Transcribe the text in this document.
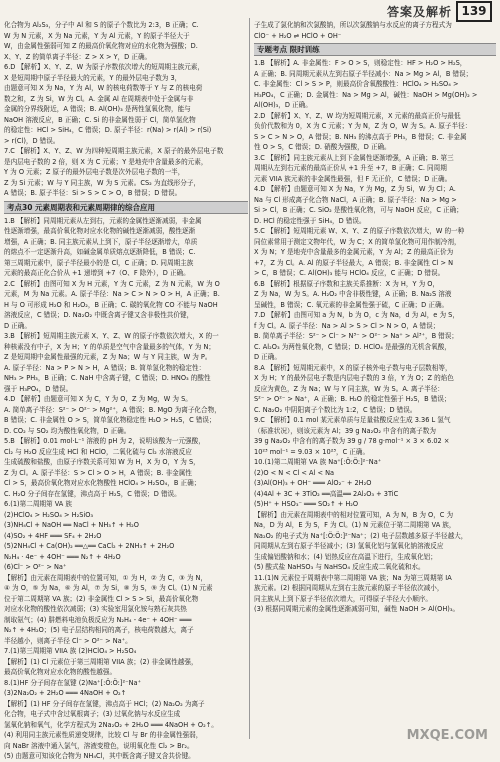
答案及解析 139
化合物为 Al₂S₃，分子中 Al 和 S 的原子个数比为 2:3，B 正确；C.
W 为 N 元素，X 为 Na 元素，Y 为 Al 元素，Y 的原子半径大于
W，由金属性强弱可知 Z 的最高价氧化物对应的水化物为强酸；D.
X、Y、Z 的简单离子半径：Z > X > Y，D 正确。
6.D 【解析】X、Y、Z、W 为原子序数依次增大的短周期主族元素，
X 是短周期中原子半径最大的元素，Y 的最外层电子数为 3，
由题意可知 X 为 Na，Y 为 Al，W 的核电荷数等于 Y 与 Z 的核电荷
数之和，Z 为 Si，W 为 Cl。A. 金属 Al 在周期表中处于金属与非
金属的分界线附近，A 错误；B. Al(OH)₃ 是两性氢氧化物，能与
NaOH 溶液反应，B 正确；C. Si 的非金属性弱于 Cl，简单氢化物
的稳定性：HCl > SiH₄，C 错误；D. 原子半径：r(Na) > r(Al) > r(Si)
> r(Cl)，D 错误。
7.C 【解析】X、Y、Z、W 为四种短周期主族元素，X 原子的最外层电子数
是内层电子数的 2 倍，则 X 为 C 元素；Y 是地壳中含量最多的元素，
Y 为 O 元素；Z 原子的最外层电子数是次外层电子数的一半，
Z 为 Si 元素；W 与 Y 同主族，W 为 S 元素。CS₂ 为直线形分子，
A 错误；B. 原子半径：Si > S > C > O，B 错误；D 错误。
考点30 元素周期表和元素周期律的综合应用
1.B 【解析】同周期元素从左到右，元素的金属性逐渐减弱，非金属
性逐渐增强，最高价氧化物对应水化物的碱性逐渐减弱，酸性逐渐
增强，A 正确；B. 同主族元素从上到下，原子半径逐渐增大，单质
的熔点不一定逐渐升高，如碱金属单质熔点逐渐降低，B 错误；C.
第三周期元素中，原子半径最小的是 Cl，C 正确；D. 同周期主族
元素的最高正化合价从 +1 递增到 +7（O、F 除外），D 正确。
2.C 【解析】由图可知 X 为 H 元素，Y 为 C 元素，Z 为 N 元素，W 为 O
元素，M 为 Na 元素。A. 原子半径：Na > C > N > O > H，A 正确；B.
H 与 O 可形成 H₂O 和 H₂O₂，B 正确；C. 碳的氧化物 CO 不能与 NaOH
溶液反应，C 错误；D. Na₂O₂ 中既含离子键又含非极性共价键，
D 正确。
3.B 【解析】短周期主族元素 X、Y、Z、W 的原子序数依次增大，X 的一
种核素没有中子，X 为 H；Y 的单质是空气中含量最多的气体，Y 为 N；
Z 是短周期中金属性最强的元素，Z 为 Na；W 与 Y 同主族，W 为 P。
A. 原子半径：Na > P > N > H，A 错误；B. 简单氢化物的稳定性：
NH₃ > PH₃，B 正确；C. NaH 中含离子键，C 错误；D. HNO₃ 的酸性
强于 H₃PO₄，D 错误。
4.D 【解析】由题意可知 X 为 C，Y 为 O，Z 为 Mg，W 为 S。
A. 简单离子半径：S²⁻ > O²⁻ > Mg²⁺，A 错误；B. MgO 为离子化合物，
B 错误；C. 非金属性 O > S，简单氢化物稳定性 H₂O > H₂S，C 错误；
D. CO₂ 与 SO₂ 均为酸性氧化物，D 正确。
5.B 【解析】0.01 mol·L⁻¹ 溶液的 pH 为 2，说明该酸为一元强酸，
Cl₂ 与 H₂O 反应生成 HCl 和 HClO，二氧化硫与 Cl₂ 水溶液反应
生成硫酸和盐酸，由原子序数关系可知 W 为 H，X 为 O，Y 为 S，
Z 为 Cl。A. 原子半径：S > Cl > O > H，A 错误；B. 非金属性
Cl > S，最高价氧化物对应水化物酸性 HClO₄ > H₂SO₄，B 正确；
C. H₂O 分子间存在氢键，沸点高于 H₂S，C 错误；D 错误。
6.(1)第二周期第 VA 族
(2)HClO₄ > H₂SO₄ > H₂SiO₃
(3)NH₄Cl + NaOH ══ NaCl + NH₃↑ + H₂O
(4)SO₂ + 4HF ═══ SF₄ + 2H₂O
(5)2NH₄Cl + Ca(OH)₂ ══△══ CaCl₂ + 2NH₃↑ + 2H₂O
N₂H₄ · 4e⁻ + 4OH⁻ ═══ N₂↑ + 4H₂O
(6)Cl⁻ > O²⁻ > Na⁺
【解析】由元素在周期表中的位置可知，① 为 H，② 为 C，③ 为 N，
④ 为 O，⑤ 为 Na，⑥ 为 Al，⑦ 为 Si，⑧ 为 S，⑨ 为 Cl。(1) N 元素
位于第二周期第 VA 族；(2) 非金属性 Cl > S > Si，最高价氧化物
对应水化物的酸性依次减弱；(3) 实验室用氯化铵与熟石灰共热
制取氨气；(4) 肼燃料电池负极反应为 N₂H₄ - 4e⁻ + 4OH⁻ ═══
N₂↑ + 4H₂O；(5) 电子层结构相同的离子，核电荷数越大，离子
半径越小，则离子半径 Cl⁻ > O²⁻ > Na⁺。
7.(1)第三周期第 VIIA 族 (2)HClO₄ > H₂SO₄
【解析】(1) Cl 元素位于第三周期第 VIIA 族；(2) 非金属性越强，
最高价氧化物对应水化物的酸性越强。
8.(1)HF 分子间存在氢键 (2)Na⁺[:Ö:Ö:]²⁻Na⁺
(3)2Na₂O₂ + 2H₂O ═══ 4NaOH + O₂↑
【解析】(1) HF 分子间存在氢键，沸点高于 HCl；(2) Na₂O₂ 为离子
化合物，电子式中含过氧根离子；(3) 过氧化钠与水反应生成
氢氧化钠和氧气，化学方程式为 2Na₂O₂ + 2H₂O ═══ 4NaOH + O₂↑。
(4) 利用同主族元素性质递变规律，比较 Cl 与 Br 的非金属性强弱，
向 NaBr 溶液中通入氯气，溶液变橙色，说明氧化性 Cl₂ > Br₂。
(5) 由题意可知该化合物为 NH₄Cl，其中既含离子键又含共价键。
子生成了氯化钠和次氯酸钠，所以次氯酸钠与水反应的离子方程式为
ClO⁻ + H₂O ⇌ HClO + OH⁻
专题考点 限时训练
1.B 【解析】A. 非金属性：F > O > S，则稳定性：HF > H₂O > H₂S，
A 正确；B. 同周期元素从左到右原子半径减小：Na > Mg > Al，B 错误；
C. 非金属性：Cl > S > P，则最高价含氧酸酸性：HClO₄ > H₂SO₄ >
H₃PO₄，C 正确；D. 金属性：Na > Mg > Al，碱性：NaOH > Mg(OH)₂ >
Al(OH)₃，D 正确。
2.D 【解析】X、Y、Z、W 均为短周期元素，X 元素的最高正价与最低
负价代数和为 0，X 为 C 元素；Y 为 N，Z 为 O，W 为 S。A. 原子半径：
S > C > N > O，A 错误；B. NH₃ 的沸点高于 PH₃，B 错误；C. 非金属
性 O > S，C 错误；D. 硝酸为强酸，D 正确。
3.C 【解析】同主族元素从上到下金属性逐渐增强，A 正确；B. 第三
周期从左到右元素的最高正价从 +1 升至 +7，B 正确；C. 同周期
元素 VIIA 族元素的非金属性最强，但 F 无正价，C 错误；D 正确。
4.D 【解析】由题意可知 X 为 Na，Y 为 Mg，Z 为 Si，W 为 Cl；A.
Na 与 Cl 形成离子化合物 NaCl，A 正确；B. 原子半径：Na > Mg >
Si > Cl，B 正确；C. SiO₂ 是酸性氧化物，可与 NaOH 反应，C 正确；
D. HCl 的稳定性强于 SiH₄，D 错误。
5.C 【解析】短周期元素 W、X、Y、Z 的原子序数依次增大，W 的一种
同位素常用于测定文物年代，W 为 C；X 的简单氢化物可用作制冷剂，
X 为 N；Y 是地壳中含量最多的金属元素，Y 为 Al；Z 的最高正价为
+7，Z 为 Cl。A. Al 的原子半径最大，A 错误；B. 非金属性 Cl > N
> C，B 错误；C. Al(OH)₃ 能与 HClO₄ 反应，C 正确；D 错误。
6.B 【解析】根据原子序数和主族关系推断：X 为 H，Y 为 O，
Z 为 Na，W 为 S。A. H₂O₂ 中含非极性键，A 正确；B. Na₂S 溶液
呈碱性，B 错误；C. 氧元素的非金属性强于硫，C 正确；D 正确。
7.D 【解析】由图可知 a 为 N，b 为 O，c 为 Na，d 为 Al，e 为 S，
f 为 Cl。A. 原子半径：Na > Al > S > Cl > N > O，A 错误；
B. 简单离子半径：S²⁻ > Cl⁻ > N³⁻ > O²⁻ > Na⁺ > Al³⁺，B 错误；
C. Al₂O₃ 为两性氧化物，C 错误；D. HClO₄ 是最强的无机含氧酸，
D 正确。
8.A 【解析】短周期元素中，X 的原子核外电子数与电子层数相等，
X 为 H；Y 的最外层电子数是内层电子数的 3 倍，Y 为 O；Z 的焰色
反应为黄色，Z 为 Na；W 与 Y 同主族，W 为 S。A. 离子半径：
S²⁻ > O²⁻ > Na⁺，A 正确；B. H₂O 的稳定性强于 H₂S，B 错误；
C. Na₂O₂ 中阴阳离子个数比为 1:2，C 错误；D 错误。
9.C 【解析】0.1 mol 某元素单质与足量盐酸反应生成 3.36 L 氢气
（标准状况），则该元素为 Al；39 g Na₂O₂ 中含有的离子数为
39 g Na₂O₂ 中含有的离子数为 39 g / 78 g·mol⁻¹ × 3 × 6.02 ×
10²³ mol⁻¹ = 9.03 × 10²³，C 正确。
10.(1)第二周期第 VA 族 Na⁺[:Ö:Ö:]²⁻Na⁺
(2)O < N < Cl < Al < Na
(3)Al(OH)₃ + OH⁻ ═══ AlO₂⁻ + 2H₂O
(4)4Al + 3C + 3TiO₂ ══高温══ 2Al₂O₃ + 3TiC
(5)H⁺ + HSO₃⁻ ═══ SO₂↑ + H₂O
【解析】由元素在周期表中的相对位置可知，A 为 N，B 为 O，C 为
Na，D 为 Al，E 为 S，F 为 Cl。(1) N 元素位于第二周期第 VA 族，
Na₂O₂ 的电子式为 Na⁺[:Ö:Ö:]²⁻Na⁺；(2) 电子层数越多原子半径越大，
同周期从左到右原子半径减小；(3) 氢氧化铝与氢氧化钠溶液反应
生成偏铝酸钠和水；(4) 铝热反应在高温下进行，生成氧化铝；
(5) 酸式盐 NaHSO₃ 与 NaHSO₄ 反应生成二氧化硫和水。
11.(1)N 元素位于周期表中第二周期第 VA 族；Na 为第三周期第 IA
族元素。(2) 根据同周期从左到右主族元素的原子半径依次减小，
同主族从上到下原子半径依次增大，可得原子半径大小顺序。
(3) 根据同周期元素的金属性逐渐减弱可知，碱性 NaOH > Al(OH)₃。
MXQE.COM
